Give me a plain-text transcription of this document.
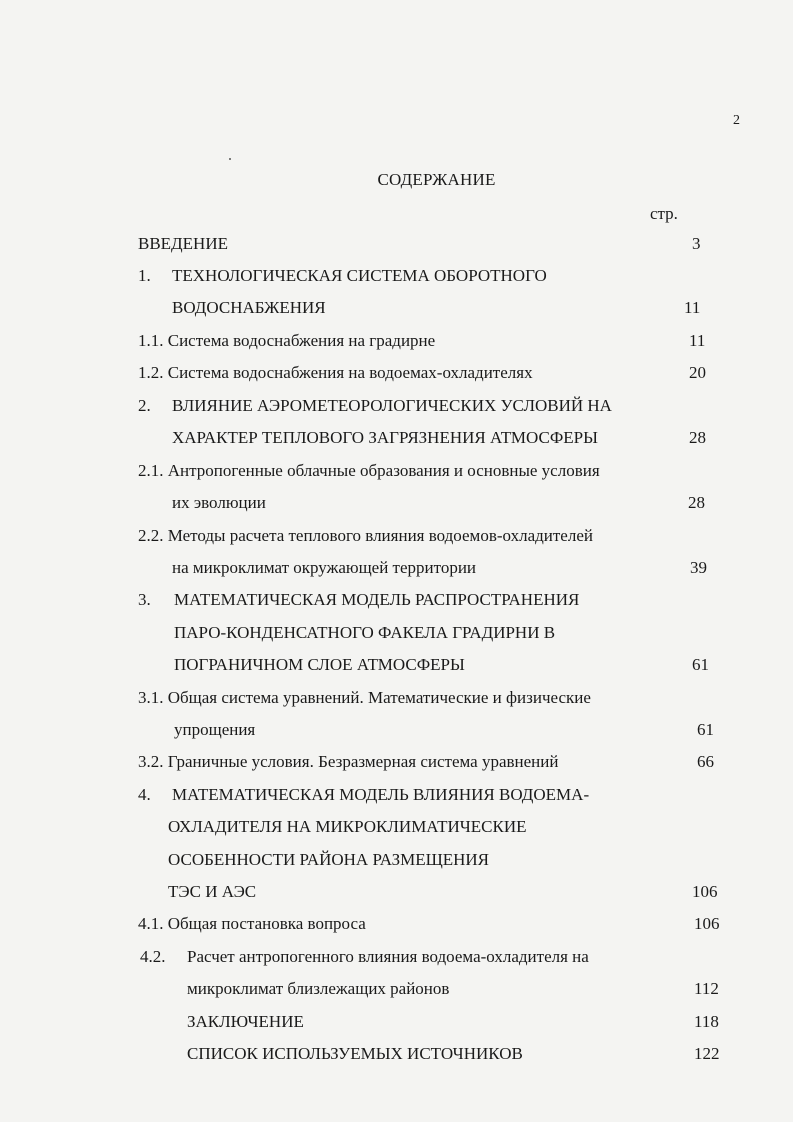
2
СОДЕРЖАНИЕ
стр.
ВВЕДЕНИЕ	3
1. ТЕХНОЛОГИЧЕСКАЯ СИСТЕМА ОБОРОТНОГО
ВОДОСНАБЖЕНИЯ	11
1.1. Система водоснабжения на градирне	11
1.2. Система водоснабжения на водоемах-охладителях	20
2. ВЛИЯНИЕ АЭРОМЕТЕОРОЛОГИЧЕСКИХ УСЛОВИЙ НА
ХАРАКТЕР ТЕПЛОВОГО ЗАГРЯЗНЕНИЯ АТМОСФЕРЫ	28
2.1. Антропогенные облачные образования и основные условия
их эволюции	28
2.2. Методы расчета теплового влияния водоемов-охладителей
на микроклимат окружающей территории	39
3. МАТЕМАТИЧЕСКАЯ МОДЕЛЬ РАСПРОСТРАНЕНИЯ
ПАРО-КОНДЕНСАТНОГО ФАКЕЛА ГРАДИРНИ В
ПОГРАНИЧНОМ СЛОЕ АТМОСФЕРЫ	61
3.1. Общая система уравнений. Математические и физические
упрощения	61
3.2. Граничные условия. Безразмерная система уравнений	66
4. МАТЕМАТИЧЕСКАЯ МОДЕЛЬ ВЛИЯНИЯ ВОДОЕМА-
ОХЛАДИТЕЛЯ НА МИКРОКЛИМАТИЧЕСКИЕ
ОСОБЕННОСТИ РАЙОНА РАЗМЕЩЕНИЯ
ТЭС И АЭС	106
4.1. Общая постановка вопроса	106
4.2. Расчет антропогенного влияния водоема-охладителя на
микроклимат близлежащих районов	112
ЗАКЛЮЧЕНИЕ	118
СПИСОК ИСПОЛЬЗУЕМЫХ ИСТОЧНИКОВ	122
